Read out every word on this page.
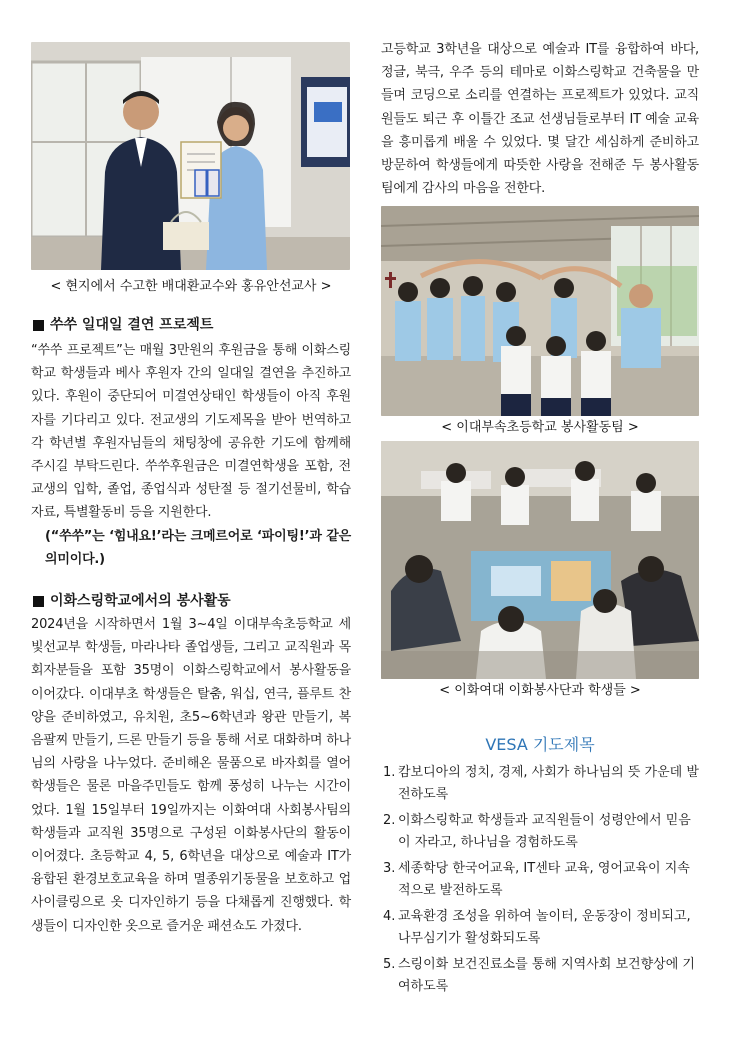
< 현지에서 수고한 배대환교수와 홍유안선교사 >
쑤쑤 일대일 결연 프로젝트

“쑤쑤 프로젝트”는 매월 3만원의 후원금을 통해 이화스링학교 학생들과 베사 후원자 간의 일대일 결연을 추진하고 있다. 후원이 중단되어 미결연상태인 학생들이 아직 후원자를 기다리고 있다. 전교생의 기도제목을 받아 번역하고 각 학년별 후원자님들의 채팅창에 공유한 기도에 함께해 주시길 부탁드린다. 쑤쑤후원금은 미결연학생을 포함, 전교생의 입학, 졸업, 종업식과 성탄절 등 절기선물비, 학습자료, 특별활동비 등을 지원한다.

(“쑤쑤”는 ‘힘내요!’라는 크메르어로 ‘파이팅!’과 같은 의미이다.)

이화스링학교에서의 봉사활동

2024년을 시작하면서 1월 3~4일 이대부속초등학교 세빛선교부 학생들, 마라나타 졸업생들, 그리고 교직원과 목회자분들을 포함 35명이 이화스링학교에서 봉사활동을 이어갔다. 이대부초 학생들은 탈춤, 워십, 연극, 플루트 찬양을 준비하였고, 유치원, 초5~6학년과 왕관 만들기, 복음팔찌 만들기, 드론 만들기 등을 통해 서로 대화하며 하나님의 사랑을 나누었다. 준비해온 물품으로 바자회를 열어 학생들은 물론 마을주민들도 함께 풍성히 나누는 시간이었다. 1월 15일부터 19일까지는 이화여대 사회봉사팀의 학생들과 교직원 35명으로 구성된 이화봉사단의 활동이 이어졌다. 초등학교 4, 5, 6학년을 대상으로 예술과 IT가 융합된 환경보호교육을 하며 멸종위기동물을 보호하고 업사이클링으로 옷 디자인하기 등을 다채롭게 진행했다. 학생들이 디자인한 옷으로 즐거운 패션쇼도 가졌다.

고등학교 3학년을 대상으로 예술과 IT를 융합하여 바다, 정글, 북극, 우주 등의 테마로 이화스링학교 건축물을 만들며 코딩으로 소리를 연결하는 프로젝트가 있었다. 교직원들도 퇴근 후 이틀간 조교 선생님들로부터 IT 예술 교육을 흥미롭게 배울 수 있었다. 몇 달간 세심하게 준비하고 방문하여 학생들에게 따뜻한 사랑을 전해준 두 봉사활동팀에게 감사의 마음을 전한다.

< 이대부속초등학교 봉사활동팀 >
< 이화여대 이화봉사단과 학생들 >
VESA 기도제목
1. 캄보디아의 정치, 경제, 사회가 하나님의 뜻 가운데 발전하도록
2. 이화스링학교 학생들과 교직원들이 성령안에서 믿음이 자라고, 하나님을 경험하도록
3. 세종학당 한국어교육, IT센타 교육, 영어교육이 지속적으로 발전하도록
4. 교육환경 조성을 위하여 놀이터, 운동장이 정비되고, 나무심기가 활성화되도록
5. 스링이화 보건진료소를 통해 지역사회 보건향상에 기여하도록
